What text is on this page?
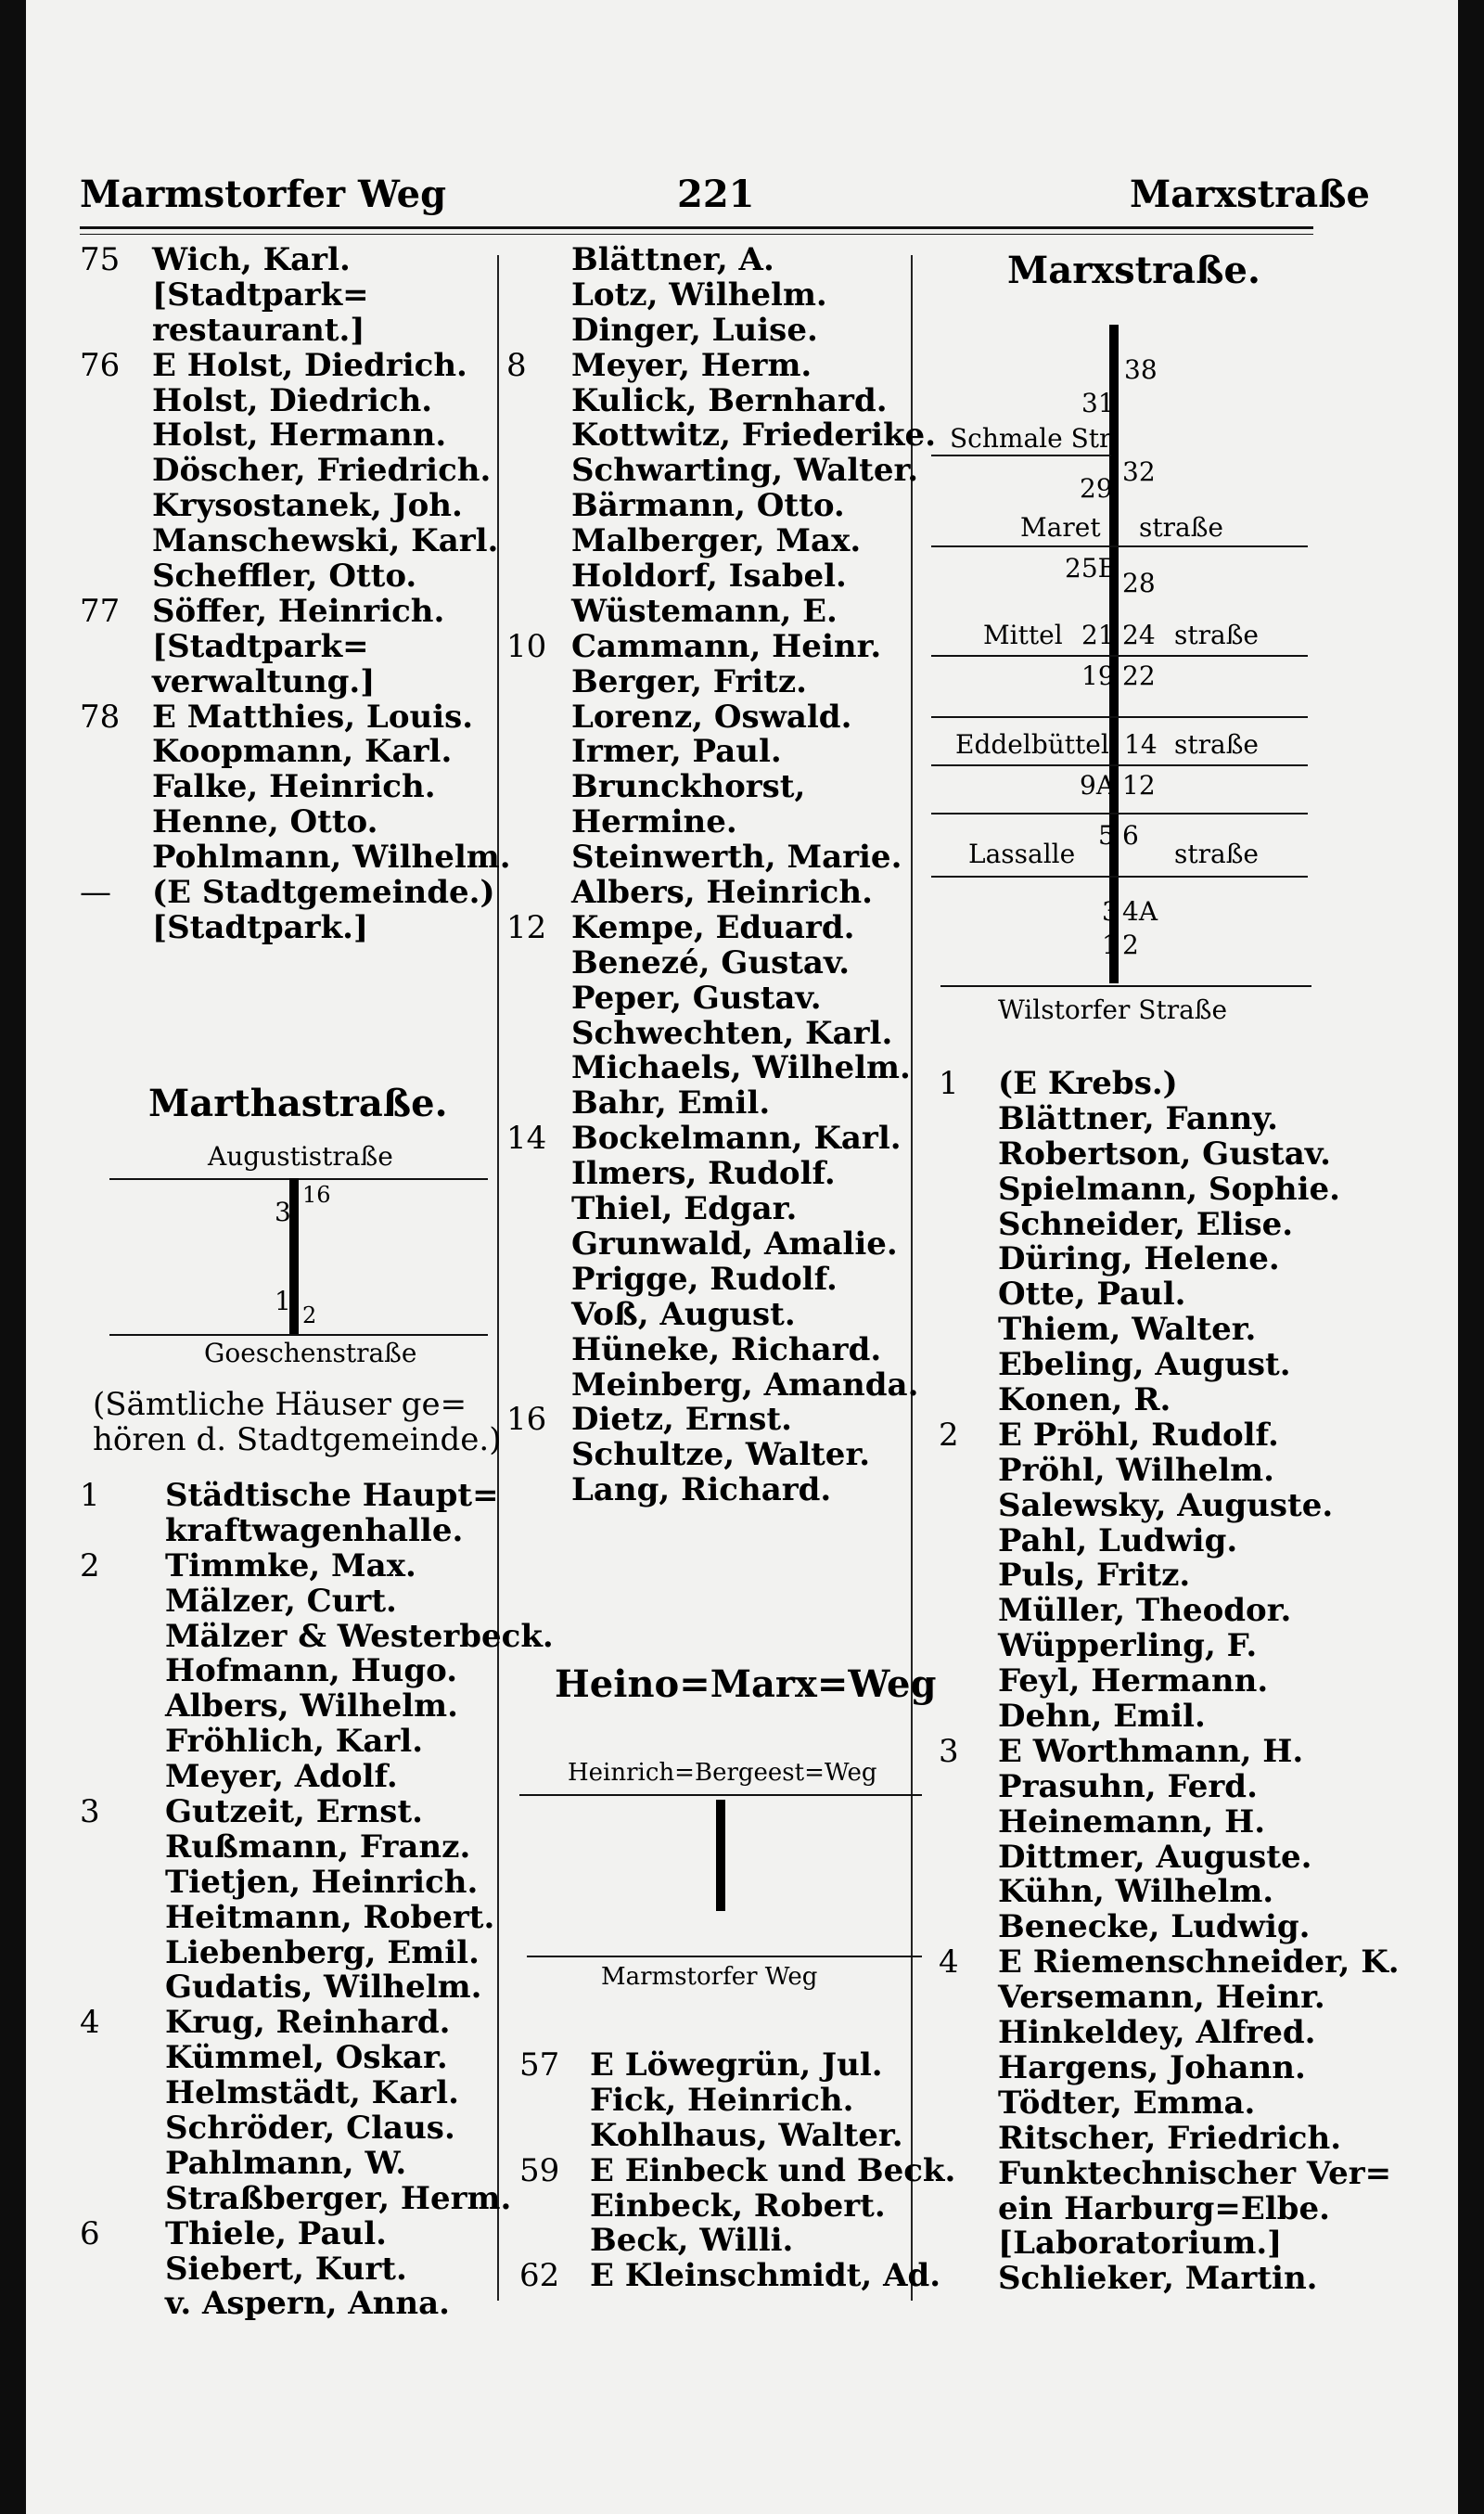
Marmstorfer Weg	221	Marxstraße
75	Wich, Karl.
[Stadtpark=
restaurant.]
76	E Holst, Diedrich.
Holst, Diedrich.
Holst, Hermann.
Döscher, Friedrich.
Krysostanek, Joh.
Manschewski, Karl.
Scheffler, Otto.
77	Söffer, Heinrich.
[Stadtpark=
verwaltung.]
78	E Matthies, Louis.
Koopmann, Karl.
Falke, Heinrich.
Henne, Otto.
Pohlmann, Wilhelm.
—	(E Stadtgemeinde.)
[Stadtpark.]
Marthastraße.
Augustistraße
3
16
1 2
Goeschenstraße
(Sämtliche Häuser ge=
hören d. Stadtgemeinde.)
1	Städtische Haupt=
kraftwagenhalle.
2	Timmke, Max.
Mälzer, Curt.
Mälzer & Westerbeck.
Hofmann, Hugo.
Albers, Wilhelm.
Fröhlich, Karl.
Meyer, Adolf.
3	Gutzeit, Ernst.
Rußmann, Franz.
Tietjen, Heinrich.
Heitmann, Robert.
Liebenberg, Emil.
Gudatis, Wilhelm.
4	Krug, Reinhard.
Kümmel, Oskar.
Helmstädt, Karl.
Schröder, Claus.
Pahlmann, W.
Straßberger, Herm.
6	Thiele, Paul.
Siebert, Kurt.
v. Aspern, Anna.
Blättner, A.
Lotz, Wilhelm.
Dinger, Luise.
8	Meyer, Herm.
Kulick, Bernhard.
Kottwitz, Friederike.
Schwarting, Walter.
Bärmann, Otto.
Malberger, Max.
Holdorf, Isabel.
Wüstemann, E.
10 Cammann, Heinr.
Berger, Fritz.
Lorenz, Oswald.
Irmer, Paul.
Brunckhorst,
Hermine.
Steinwerth, Marie.
Albers, Heinrich.
12 Kempe, Eduard.
Benezé, Gustav.
Peper, Gustav.
Schwechten, Karl.
Michaels, Wilhelm.
Bahr, Emil.
14 Bockelmann, Karl.
Ilmers, Rudolf.
Thiel, Edgar.
Grunwald, Amalie.
Prigge, Rudolf.
Voß, August.
Hüneke, Richard.
Meinberg, Amanda.
16 Dietz, Ernst.
Schultze, Walter.
Lang, Richard.
Heino=Marx=Weg
Heinrich=Bergeest=Weg
Marmstorfer Weg
57 E Löwegrün, Jul.
Fick, Heinrich.
Kohlhaus, Walter.
59 E Einbeck und Beck.
Einbeck, Robert.
Beck, Willi.
62 E Kleinschmidt, Ad.
Marxstraße.
38
31
Schmale Str.
29
32
Maret straße
25B 28
Mittel 21 24 straße
19 22
Eddelbüttel 14 straße
9A 12
5 6
Lassalle	straße
3 4A
1 2
Wilstorfer Straße
1	(E Krebs.)
Blättner, Fanny.
Robertson, Gustav.
Spielmann, Sophie.
Schneider, Elise.
Düring, Helene.
Otte, Paul.
Thiem, Walter.
Ebeling, August.
Konen, R.
2	E Pröhl, Rudolf.
Pröhl, Wilhelm.
Salewsky, Auguste.
Pahl, Ludwig.
Puls, Fritz.
Müller, Theodor.
Wüpperling, F.
Feyl, Hermann.
Dehn, Emil.
3	E Worthmann, H.
Prasuhn, Ferd.
Heinemann, H.
Dittmer, Auguste.
Kühn, Wilhelm.
Benecke, Ludwig.
4	E Riemenschneider, K.
Versemann, Heinr.
Hinkeldey, Alfred.
Hargens, Johann.
Tödter, Emma.
Ritscher, Friedrich.
Funktechnischer Ver=
ein Harburg=Elbe.
[Laboratorium.]
Schlieker, Martin.
